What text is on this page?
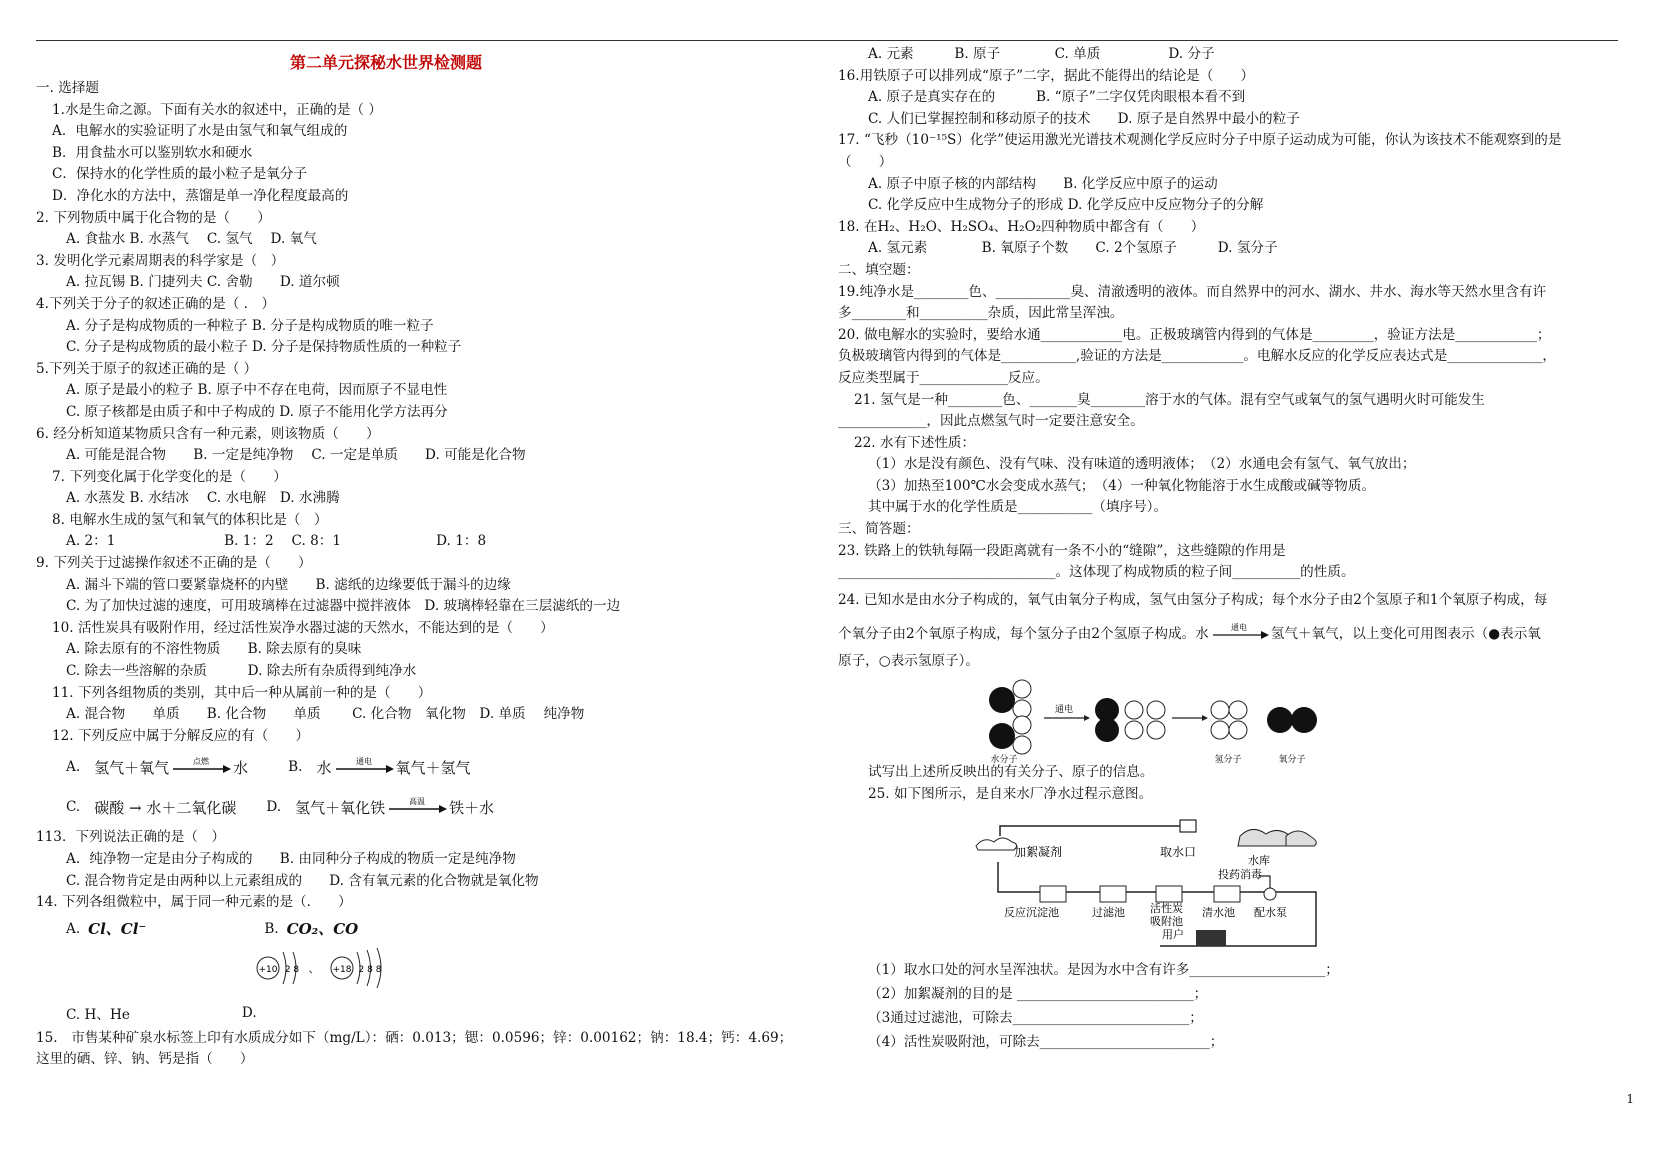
第二单元探秘水世界检测题
一. 选择题
1.水是生命之源。下面有关水的叙述中，正确的是（ ）
A．电解水的实验证明了水是由氢气和氧气组成的
B．用食盐水可以鉴别软水和硬水
C．保持水的化学性质的最小粒子是氧分子
D．净化水的方法中，蒸馏是单一净化程度最高的
2. 下列物质中属于化合物的是（　　）
A. 食盐水 B. 水蒸气　 C. 氢气　 D. 氧气
3. 发明化学元素周期表的科学家是（　）
A. 拉瓦锡 B. 门捷列夫 C. 舍勒　　D. 道尔顿
4.下列关于分子的叙述正确的是（ .　）
A. 分子是构成物质的一种粒子 B. 分子是构成物质的唯一粒子
C. 分子是构成物质的最小粒子 D. 分子是保持物质性质的一种粒子
5.下列关于原子的叙述正确的是（ ）
A. 原子是最小的粒子 B. 原子中不存在电荷，因而原子不显电性
C. 原子核都是由质子和中子构成的 D. 原子不能用化学方法再分
6. 经分析知道某物质只含有一种元素，则该物质（　　）
A. 可能是混合物　　B. 一定是纯净物　 C. 一定是单质　　D. 可能是化合物
7. 下列变化属于化学变化的是（　　）
A. 水蒸发 B. 水结冰　 C. 水电解　D. 水沸腾
8. 电解水生成的氢气和氧气的体积比是（　）
A. 2：1　　　　　　　　B. 1：2　 C. 8：1　　　　　　　D. 1：8
9. 下列关于过滤操作叙述不正确的是（　　）
A. 漏斗下端的管口要紧靠烧杯的内壁　　B. 滤纸的边缘要低于漏斗的边缘
C. 为了加快过滤的速度，可用玻璃棒在过滤器中搅拌液体　D. 玻璃棒轻靠在三层滤纸的一边
10. 活性炭具有吸附作用，经过活性炭净水器过滤的天然水，不能达到的是（　　）
A. 除去原有的不溶性物质　　B. 除去原有的臭味
C. 除去一些溶解的杂质　　　D. 除去所有杂质得到纯净水
11. 下列各组物质的类别，其中后一种从属前一种的是（　　）
A. 混合物　　单质　　B. 化合物　　单质　　 C. 化合物　氧化物　D. 单质　 纯净物
12. 下列反应中属于分解反应的有（　　）
A. 氢气＋氧气	点燃 水	B. 水	通电 氧气＋氢气
C. 碳酸 → 水＋二氧化碳 D. 氢气＋氧化铁	高温 铁＋水
113．下列说法正确的是（　）
A．纯净物一定是由分子构成的　　B. 由同种分子构成的物质一定是纯净物
C. 混合物肯定是由两种以上元素组成的　　D. 含有氧元素的化合物就是氧化物
14. 下列各组微粒中，属于同一种元素的是（.　　）
A. Cl、Cl⁻	B. CO₂、CO
+10 2 8 、 +18 2 8 8
C. H、He	D.
15.　市售某种矿泉水标签上印有水质成分如下（mg/L）：硒：0.013；锶：0.0596；锌：0.00162；钠：18.4；钙：4.69；
这里的硒、锌、钠、钙是指（　　）
A. 元素　　　B. 原子　　　　C. 单质　　　　　D. 分子
16.用铁原子可以排列成“原子”二字，据此不能得出的结论是（　　）
A. 原子是真实存在的　　　B. “原子”二字仅凭肉眼根本看不到
C. 人们已掌握控制和移动原子的技术　　D. 原子是自然界中最小的粒子
17. “飞秒（10⁻¹⁵S）化学”使运用激光光谱技术观测化学反应时分子中原子运动成为可能，你认为该技术不能观察到的是
（　　）
A. 原子中原子核的内部结构　　B. 化学反应中原子的运动
C. 化学反应中生成物分子的形成 D. 化学反应中反应物分子的分解
18. 在H₂、H₂O、H₂SO₄、H₂O₂四种物质中都含有（　　）
A. 氢元素　　　　B. 氧原子个数　　C. 2个氢原子　　　D. 氢分子
二、填空题：
19.纯净水是________色、___________臭、清澈透明的液体。而自然界中的河水、湖水、井水、海水等天然水里含有许
多________和__________杂质，因此常呈浑浊。
20. 做电解水的实验时，要给水通____________电。正极玻璃管内得到的气体是_________，验证方法是____________；
负极玻璃管内得到的气体是___________,验证的方法是____________。电解水反应的化学反应表达式是______________，
反应类型属于_____________反应。
21. 氢气是一种________色、_______臭________溶于水的气体。混有空气或氧气的氢气遇明火时可能发生
_____________，因此点燃氢气时一定要注意安全。
22. 水有下述性质：
（1）水是没有颜色、没有气味、没有味道的透明液体；　（2）水通电会有氢气、氧气放出；
（3）加热至100℃水会变成水蒸气；　（4）一种氧化物能溶于水生成酸或碱等物质。
其中属于水的化学性质是___________（填序号）。
三、简答题：
23. 铁路上的铁轨每隔一段距离就有一条不小的“缝隙”，这些缝隙的作用是
________________________________。这体现了构成物质的粒子间__________的性质。
24. 已知水是由水分子构成的，氧气由氧分子构成，氢气由氢分子构成；每个水分子由2个氢原子和1个氧原子构成，每
个氧分子由2个氧原子构成，每个氢分子由2个氢原子构成。水	通电 氢气＋氧气，以上变化可用图表示（●表示氧
原子，○表示氢原子）。
通电
水分子	氢分子	氧分子
试写出上述所反映出的有关分子、原子的信息。
25. 如下图所示，是自来水厂净水过程示意图。
加絮凝剂	取水口
水库
投药消毒
反应沉淀池	过滤池 活性炭
吸附池
清水池 配水泵
用户
（1）取水口处的河水呈浑浊状。是因为水中含有许多____________________；
（2）加絮凝剂的目的是 __________________________；
（3通过过滤池，可除去__________________________；
（4）活性炭吸附池，可除去_________________________；
1
